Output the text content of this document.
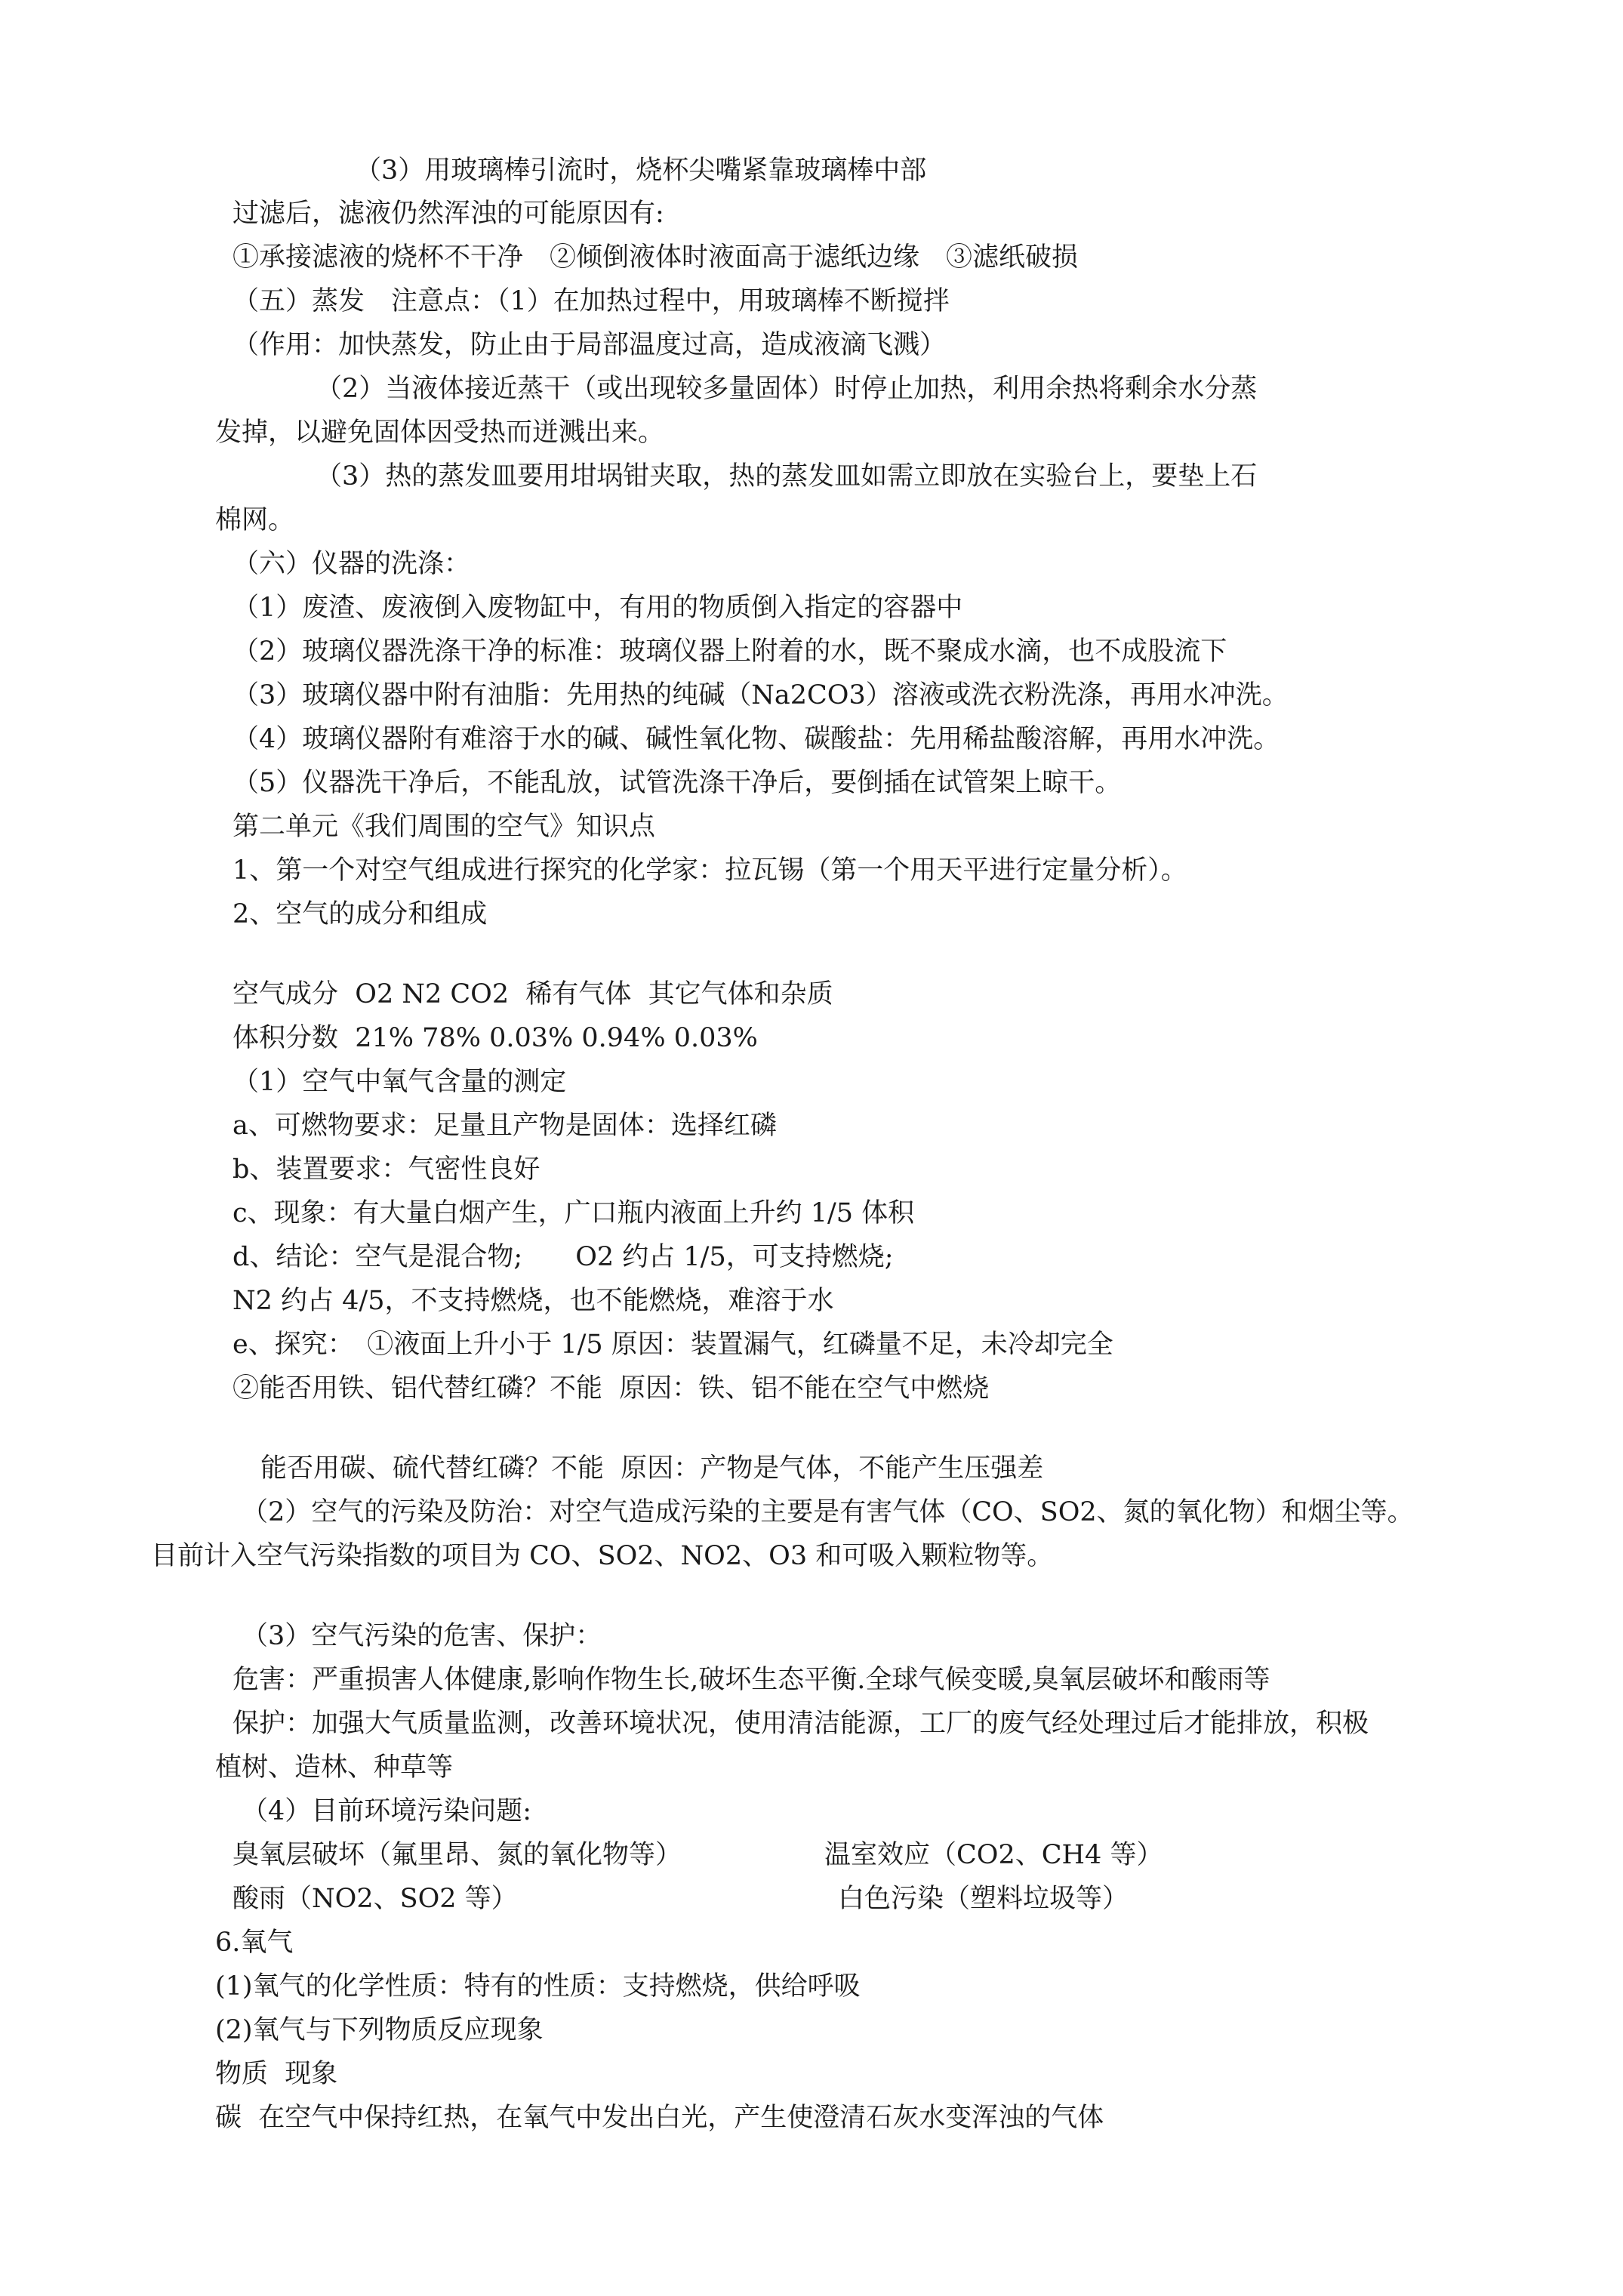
（3）用玻璃棒引流时，烧杯尖嘴紧靠玻璃棒中部
过滤后，滤液仍然浑浊的可能原因有:
①承接滤液的烧杯不干净　②倾倒液体时液面高于滤纸边缘　③滤纸破损
（五）蒸发　注意点：（1）在加热过程中，用玻璃棒不断搅拌
（作用：加快蒸发，防止由于局部温度过高，造成液滴飞溅）
（2）当液体接近蒸干（或出现较多量固体）时停止加热，利用余热将剩余水分蒸
发掉，以避免固体因受热而迸溅出来。
（3）热的蒸发皿要用坩埚钳夹取，热的蒸发皿如需立即放在实验台上，要垫上石
棉网。
（六）仪器的洗涤：
（1）废渣、废液倒入废物缸中，有用的物质倒入指定的容器中
（2）玻璃仪器洗涤干净的标准：玻璃仪器上附着的水，既不聚成水滴，也不成股流下
（3）玻璃仪器中附有油脂：先用热的纯碱（Na2CO3）溶液或洗衣粉洗涤，再用水冲洗。
（4）玻璃仪器附有难溶于水的碱、碱性氧化物、碳酸盐：先用稀盐酸溶解，再用水冲洗。
（5）仪器洗干净后，不能乱放，试管洗涤干净后，要倒插在试管架上晾干。
第二单元《我们周围的空气》知识点
1、第一个对空气组成进行探究的化学家：拉瓦锡（第一个用天平进行定量分析）。
2、空气的成分和组成
空气成分  O2 N2 CO2  稀有气体  其它气体和杂质
体积分数  21% 78% 0.03% 0.94% 0.03%
（1）空气中氧气含量的测定
a、可燃物要求：足量且产物是固体：选择红磷
b、装置要求：气密性良好
c、现象：有大量白烟产生，广口瓶内液面上升约 1/5 体积
d、结论：空气是混合物;　　O2 约占 1/5，可支持燃烧;
N2 约占 4/5，不支持燃烧，也不能燃烧，难溶于水
e、探究：　①液面上升小于 1/5 原因：装置漏气，红磷量不足，未冷却完全
②能否用铁、铝代替红磷？不能  原因：铁、铝不能在空气中燃烧
能否用碳、硫代替红磷？不能  原因：产物是气体，不能产生压强差
（2）空气的污染及防治：对空气造成污染的主要是有害气体（CO、SO2、氮的氧化物）和烟尘等。
目前计入空气污染指数的项目为 CO、SO2、NO2、O3 和可吸入颗粒物等。
（3）空气污染的危害、保护：
危害：严重损害人体健康,影响作物生长,破坏生态平衡.全球气候变暖,臭氧层破坏和酸雨等
保护：加强大气质量监测，改善环境状况，使用清洁能源，工厂的废气经处理过后才能排放，积极
植树、造林、种草等
（4）目前环境污染问题:
臭氧层破坏（氟里昂、氮的氧化物等）	温室效应（CO2、CH4 等）
酸雨（NO2、SO2 等）	白色污染（塑料垃圾等）
6.氧气
(1)氧气的化学性质：特有的性质：支持燃烧，供给呼吸
(2)氧气与下列物质反应现象
物质  现象
碳  在空气中保持红热，在氧气中发出白光，产生使澄清石灰水变浑浊的气体
